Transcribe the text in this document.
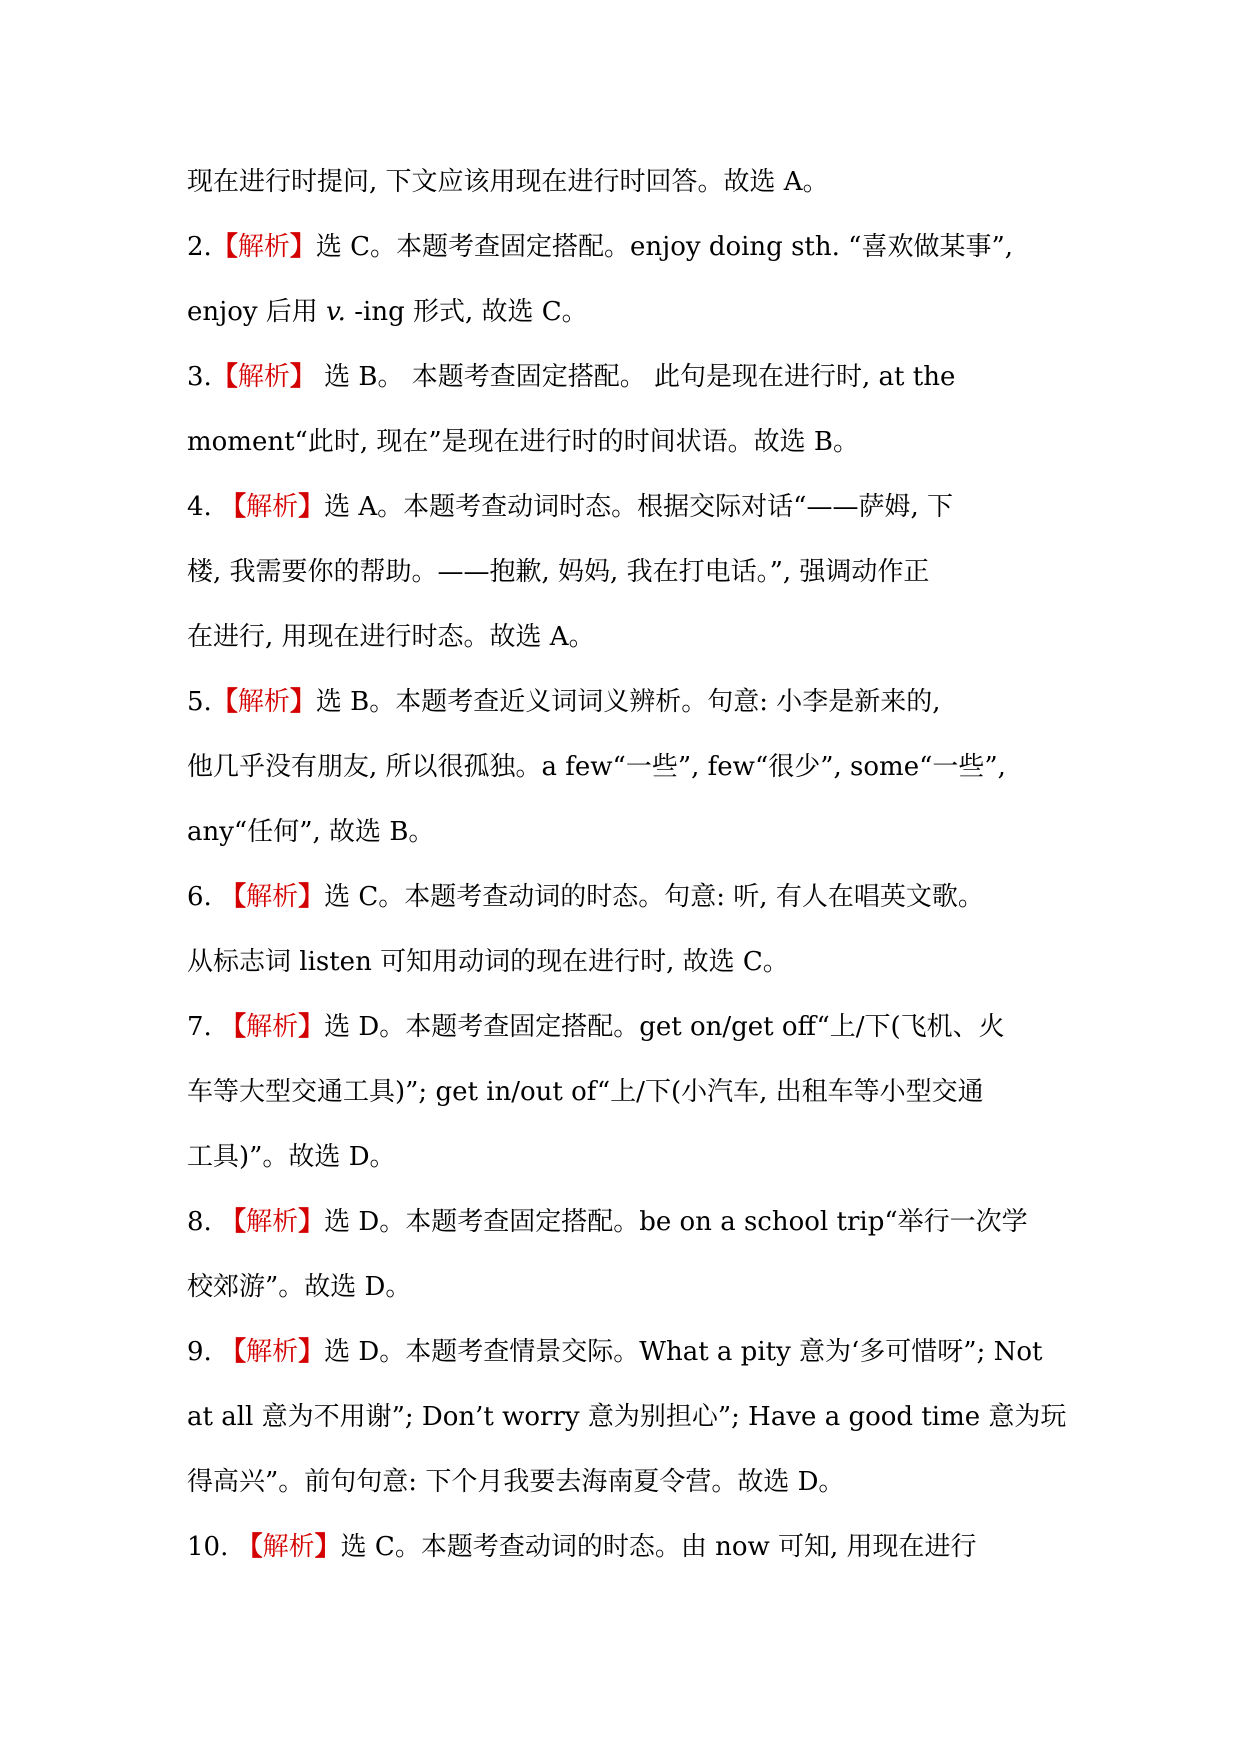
现在进行时提问, 下文应该用现在进行时回答。故选 A。
2.【解析】选 C。本题考查固定搭配。enjoy doing sth. “喜欢做某事”,
enjoy 后用 v. -ing 形式, 故选 C。
3.【解析】 选 B。 本题考查固定搭配。 此句是现在进行时, at the
moment“此时, 现在”是现在进行时的时间状语。故选 B。
4. 【解析】选 A。本题考查动词时态。根据交际对话“——萨姆, 下
楼, 我需要你的帮助。——抱歉, 妈妈, 我在打电话。”, 强调动作正
在进行, 用现在进行时态。故选 A。
5.【解析】选 B。本题考查近义词词义辨析。句意: 小李是新来的,
他几乎没有朋友, 所以很孤独。a few“一些”, few“很少”, some“一些”,
any“任何”, 故选 B。
6. 【解析】选 C。本题考查动词的时态。句意: 听, 有人在唱英文歌。
从标志词 listen 可知用动词的现在进行时, 故选 C。
7. 【解析】选 D。本题考查固定搭配。get on/get off“上/下(飞机、火
车等大型交通工具)”; get in/out of“上/下(小汽车, 出租车等小型交通
工具)”。故选 D。
8. 【解析】选 D。本题考查固定搭配。be on a school trip“举行一次学
校郊游”。故选 D。
9. 【解析】选 D。本题考查情景交际。What a pity 意为‘多可惜呀”; Not
at all 意为不用谢”; Don’t worry 意为别担心”; Have a good time 意为玩
得高兴”。前句句意: 下个月我要去海南夏令营。故选 D。
10. 【解析】选 C。本题考查动词的时态。由 now 可知, 用现在进行
